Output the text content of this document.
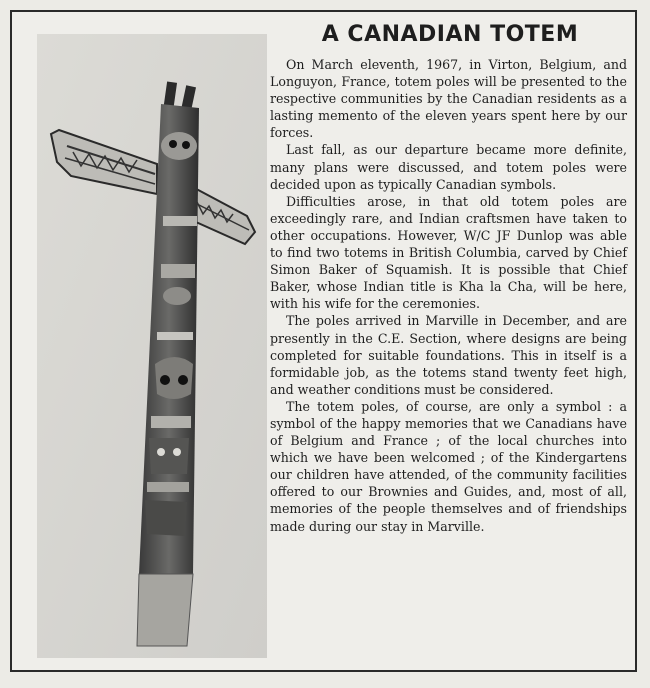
A CANADIAN TOTEM

On March eleventh, 1967, in Virton, Belgium, and Longuyon, France, totem poles will be presented to the respective communities by the Canadian residents as a lasting memento of the eleven years spent here by our forces.

Last fall, as our departure became more definite, many plans were discussed, and totem poles were decided upon as typically Canadian symbols.

Difficulties arose, in that old totem poles are exceedingly rare, and Indian craftsmen have taken to other occupations. However, W/C JF Dunlop was able to find two totems in British Columbia, carved by Chief Simon Baker of Squamish. It is possible that Chief Baker, whose Indian title is Kha la Cha, will be here, with his wife for the ceremonies.

The poles arrived in Marville in December, and are presently in the C.E. Section, where designs are being completed for suitable foundations. This in itself is a formidable job, as the totems stand twenty feet high, and weather conditions must be considered.

The totem poles, of course, are only a symbol : a symbol of the happy memories that we Canadians have of Belgium and France ; of the local churches into which we have been welcomed ; of the Kindergartens our children have attended, of the community facilities offered to our Brownies and Guides, and, most of all, memories of the people themselves and of friendships made during our stay in Marville.
